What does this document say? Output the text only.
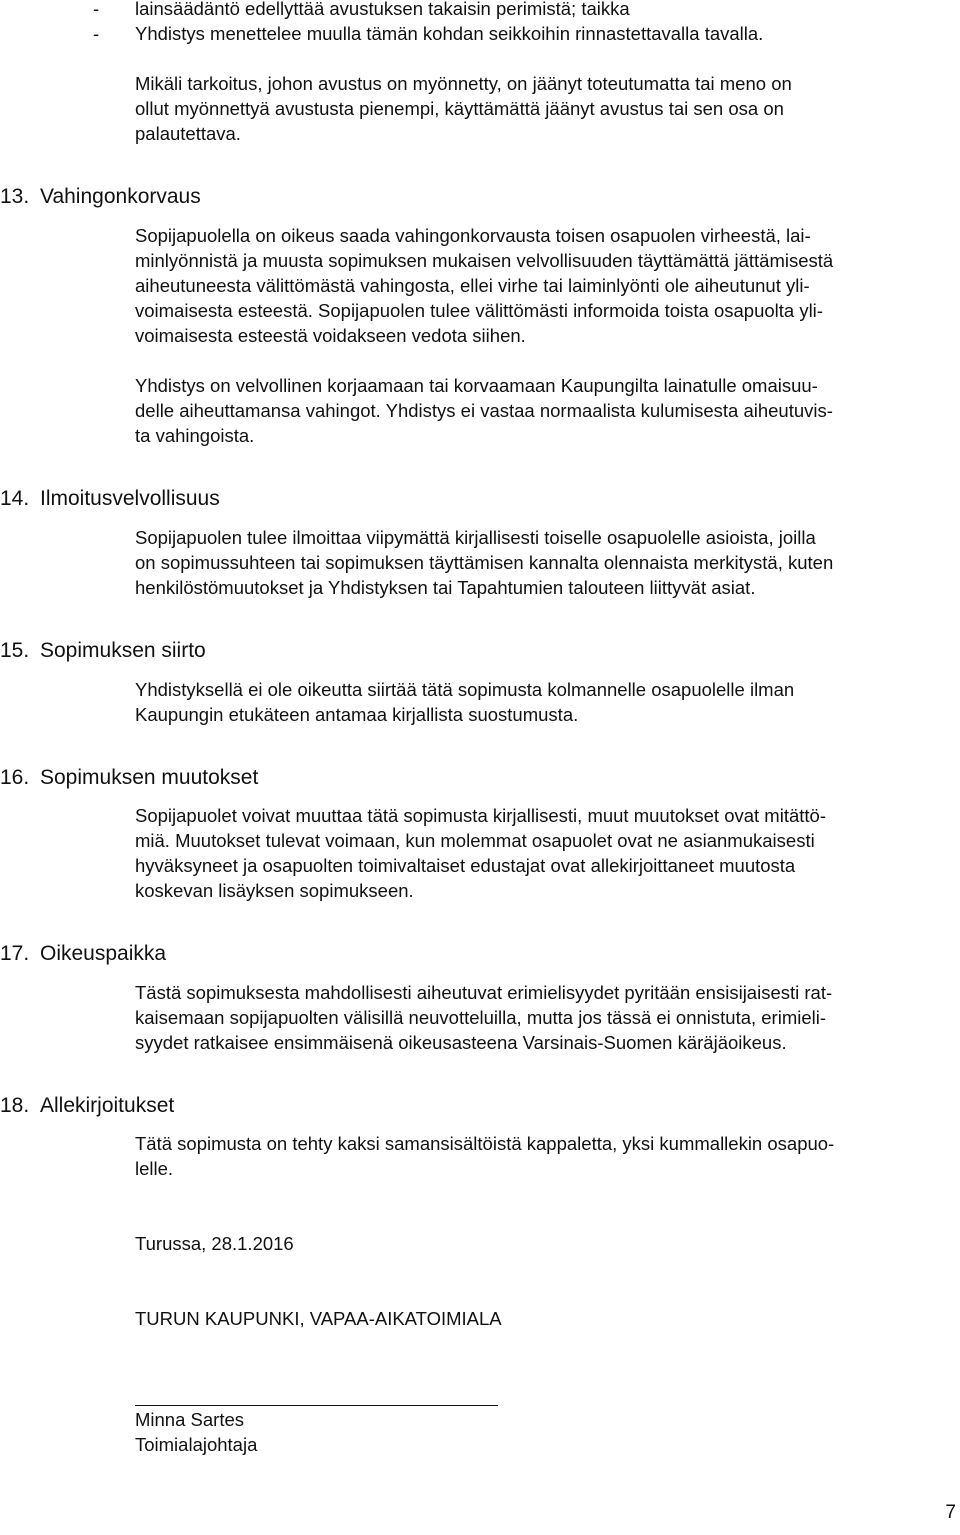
- lainsäädäntö edellyttää avustuksen takaisin perimistä; taikka
- Yhdistys menettelee muulla tämän kohdan seikkoihin rinnastettavalla tavalla.
Mikäli tarkoitus, johon avustus on myönnetty, on jäänyt toteutumatta tai meno on
ollut myönnettyä avustusta pienempi, käyttämättä jäänyt avustus tai sen osa on
palautettava.
13. Vahingonkorvaus
Sopijapuolella on oikeus saada vahingonkorvausta toisen osapuolen virheestä, lai-
minlyönnistä ja muusta sopimuksen mukaisen velvollisuuden täyttämättä jättämisestä
aiheutuneesta välittömästä vahingosta, ellei virhe tai laiminlyönti ole aiheutunut yli-
voimaisesta esteestä. Sopijapuolen tulee välittömästi informoida toista osapuolta yli-
voimaisesta esteestä voidakseen vedota siihen.
Yhdistys on velvollinen korjaamaan tai korvaamaan Kaupungilta lainatulle omaisuu-
delle aiheuttamansa vahingot. Yhdistys ei vastaa normaalista kulumisesta aiheutuvis-
ta vahingoista.
14. Ilmoitusvelvollisuus
Sopijapuolen tulee ilmoittaa viipymättä kirjallisesti toiselle osapuolelle asioista, joilla
on sopimussuhteen tai sopimuksen täyttämisen kannalta olennaista merkitystä, kuten
henkilöstömuutokset ja Yhdistyksen tai Tapahtumien talouteen liittyvät asiat.
15. Sopimuksen siirto
Yhdistyksellä ei ole oikeutta siirtää tätä sopimusta kolmannelle osapuolelle ilman
Kaupungin etukäteen antamaa kirjallista suostumusta.
16. Sopimuksen muutokset
Sopijapuolet voivat muuttaa tätä sopimusta kirjallisesti, muut muutokset ovat mitättö-
miä. Muutokset tulevat voimaan, kun molemmat osapuolet ovat ne asianmukaisesti
hyväksyneet ja osapuolten toimivaltaiset edustajat ovat allekirjoittaneet muutosta
koskevan lisäyksen sopimukseen.
17. Oikeuspaikka
Tästä sopimuksesta mahdollisesti aiheutuvat erimielisyydet pyritään ensisijaisesti rat-
kaisemaan sopijapuolten välisillä neuvotteluilla, mutta jos tässä ei onnistuta, erimieli-
syydet ratkaisee ensimmäisenä oikeusasteena Varsinais-Suomen käräjäoikeus.
18. Allekirjoitukset
Tätä sopimusta on tehty kaksi samansisältöistä kappaletta, yksi kummallekin osapuo-
lelle.
Turussa, 28.1.2016
TURUN KAUPUNKI, VAPAA-AIKATOIMIALA
Minna Sartes
Toimialajohtaja
7
